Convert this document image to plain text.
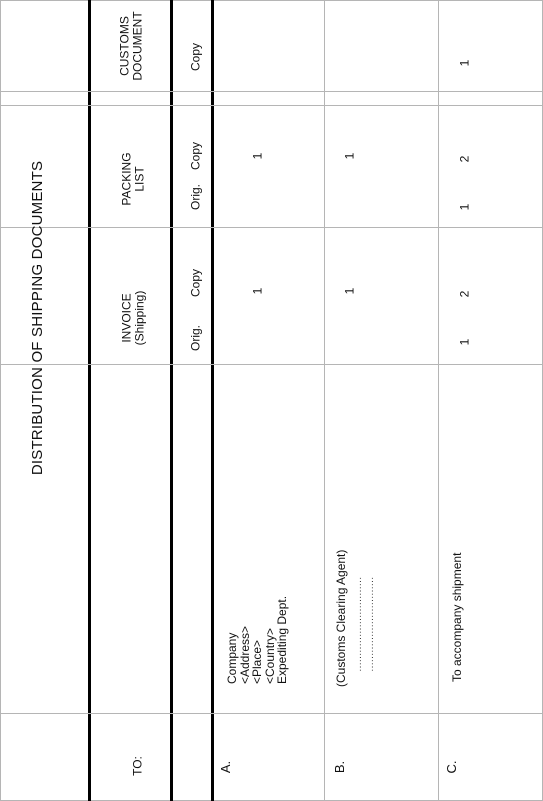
DISTRIBUTION OF SHIPPING DOCUMENTS
CUSTOMS
DOCUMENT
PACKING
LIST
INVOICE
(Shipping)
TO:
Copy
Copy
Orig.
Copy
Orig.
A.
1
1
Company
<Address>
<Place>
<Country>
Expediting Dept.
B.
1
1
(Customs Clearing Agent) ………………………… …………………………
C.
To accompany shipment
1
2
1
2
1
